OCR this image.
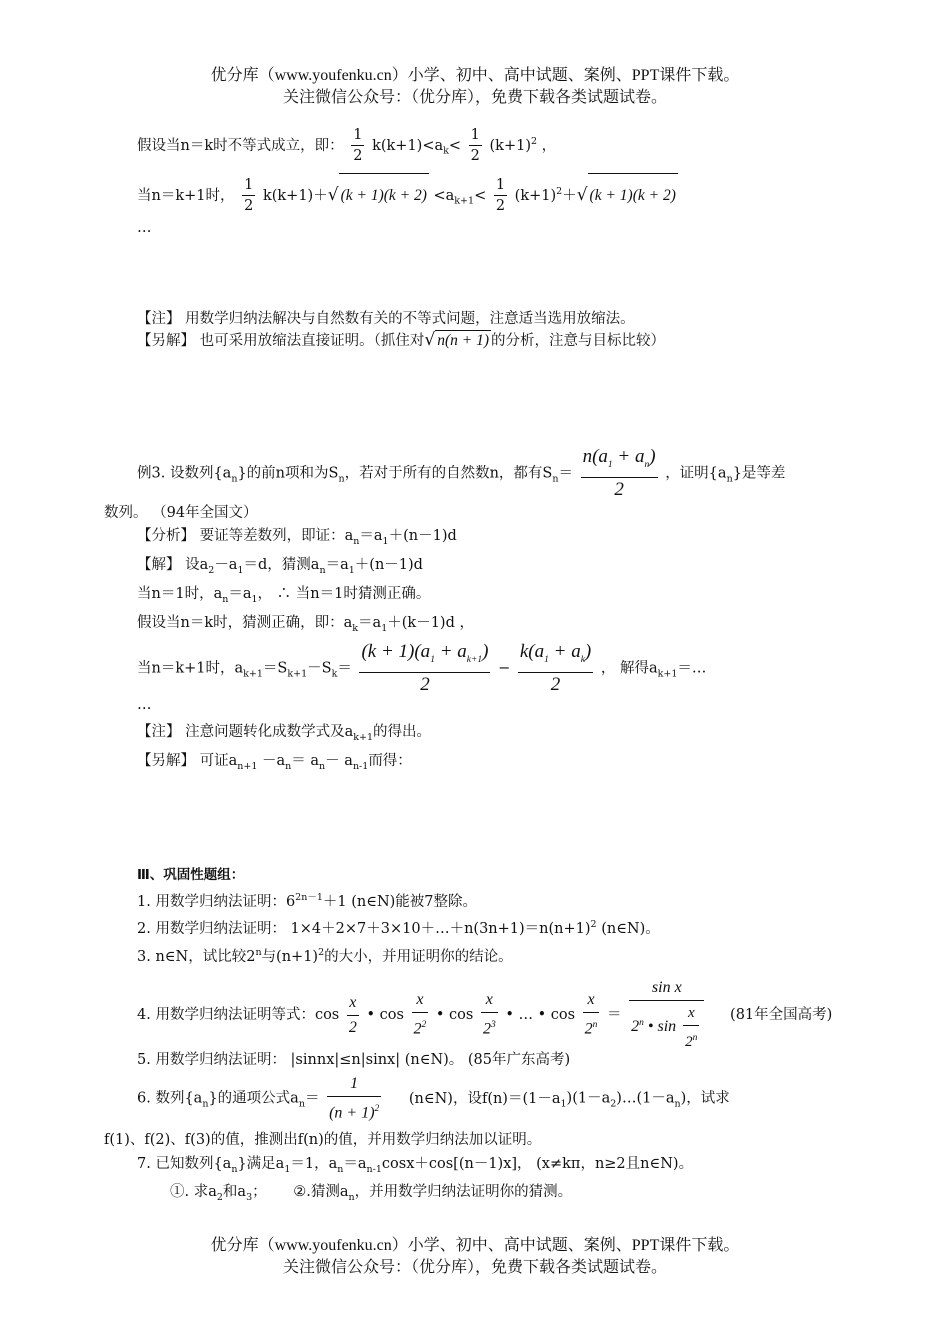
优分库（www.youfenku.cn）小学、初中、高中试题、案例、PPT课件下载。
关注微信公众号：（优分库），免费下载各类试题试卷。
假设当n＝k时不等式成立，即： $\frac{1}{2} k(k+1)<a_k< \frac{1}{2} (k+1)^2$ ，
当n＝k+1时， $\frac{1}{2} k(k+1)+√$ $(k + 1)(k + 2) <a_{k+1}< \frac{1}{2} (k+1)^2+√$ (k + 1)(k + 2)
…
【注】 用数学归纳法解决与自然数有关的不等式问题，注意适当选用放缩法。
【另解】 也可采用放缩法直接证明。（抓住对√ n(n + 1) 的分析，注意与目标比较）
例3. 设数列$\{a_n\}$的前n项和为$S_n$，若对于所有的自然数n，都有$S_n= \frac{n(a_1 + a_n)}{2}$ ，证明$\{a_n\}$是等差
数列。 （94年全国文）
【分析】 要证等差数列，即证：$a_n=a_1+(n-1)d$
【解】 设$a_2-a_1=d$，猜测$a_n=a_1+(n-1)d$
当n＝1时，$a_n=a_1$， ∴ 当n＝1时猜测正确。
假设当n＝k时，猜测正确，即：$a_k=a_1+(k-1)d$ ，
当n＝k+1时，$a_{k+1}=S_{k+1}-S_k= \frac{(k + 1)(a_1 + a_{k+1})}{2} - \frac{k(a_1 + a_k)}{2}$ ， 解得$a_{k+1}=\dots$
…
【注】 注意问题转化成数学式及$a_{k+1}$的得出。
【另解】 可证$a_{n+1} -a_n= a_n- a_{n-1}$而得：
Ⅲ、巩固性题组：
1. 用数学归纳法证明：$6^{2n-1}+1$ (n∈N)能被7整除。
2. 用数学归纳法证明： $1\times 4+2\times 7+3\times 10+\dots+n(3n+1)=n(n+1)^2$ (n∈N)。
3. n∈N，试比较2$^n$与$(n+1)^2$的大小，并用证明你的结论。
4. 用数学归纳法证明等式：$\cos \frac{x}{2}$ • $\cos \frac{x}{2^2}$ • $\cos \frac{x}{2^3}$ • … • $\cos \frac{x}{2^n} = \frac{\text{sin x}}{2^n • \sin \frac{x}{2^n}} (81$年全国高考)
5. 用数学归纳法证明： |sinnx|≤n|sinx| (n∈N)。 (85年广东高考)
6. 数列$\{a_n\}$的通项公式$a_n= \frac{1}{(n + 1)^2}$ (n∈N)，设$f(n)=(1-a_1)(1-a_2)\dots(1-a_n)$，试求
f(1)、f(2)、f(3)的值，推测出f(n)的值，并用数学归纳法加以证明。
7. 已知数列$\{a_n\}$满足$a_1=1$，$a_n=a_{n-1}\cos x+\cos[(n-1)x]$， (x≠kπ，n≥2且n∈N)。
①. 求$a_2$和$a_3$； ②.猜测$a_n$，并用数学归纳法证明你的猜测。
优分库（www.youfenku.cn）小学、初中、高中试题、案例、PPT课件下载。
关注微信公众号：（优分库），免费下载各类试题试卷。
